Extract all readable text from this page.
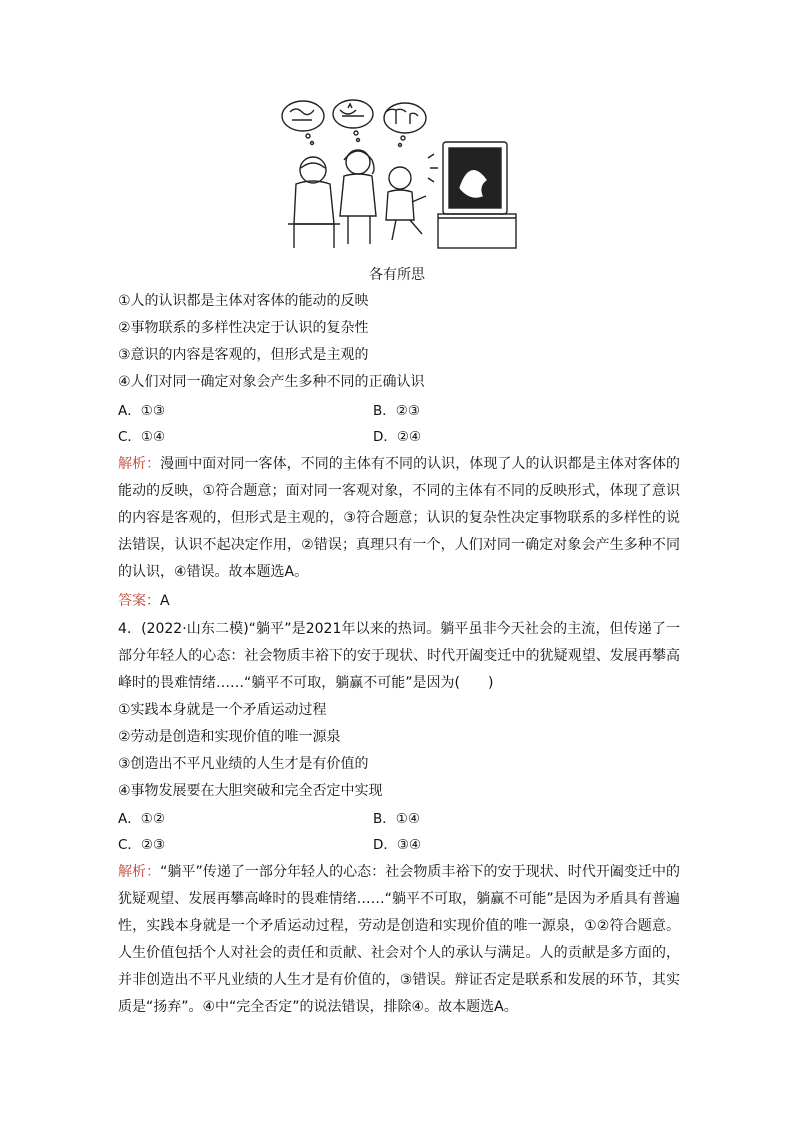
各有所思
①人的认识都是主体对客体的能动的反映
②事物联系的多样性决定于认识的复杂性
③意识的内容是客观的，但形式是主观的
④人们对同一确定对象会产生多种不同的正确认识
A．①③	B．②③
C．①④	D．②④

解析：漫画中面对同一客体，不同的主体有不同的认识，体现了人的认识都是主体对客体的能动的反映，①符合题意；面对同一客观对象，不同的主体有不同的反映形式，体现了意识的内容是客观的，但形式是主观的，③符合题意；认识的复杂性决定事物联系的多样性的说法错误，认识不起决定作用，②错误；真理只有一个，人们对同一确定对象会产生多种不同的认识，④错误。故本题选A。

答案：A

4．(2022·山东二模)“躺平”是2021年以来的热词。躺平虽非今天社会的主流，但传递了一部分年轻人的心态：社会物质丰裕下的安于现状、时代开阖变迁中的犹疑观望、发展再攀高峰时的畏难情绪……“躺平不可取，躺赢不可能”是因为(　　)

①实践本身就是一个矛盾运动过程
②劳动是创造和实现价值的唯一源泉
③创造出不平凡业绩的人生才是有价值的
④事物发展要在大胆突破和完全否定中实现
A．①②	B．①④
C．②③	D．③④

解析：“躺平”传递了一部分年轻人的心态：社会物质丰裕下的安于现状、时代开阖变迁中的犹疑观望、发展再攀高峰时的畏难情绪……“躺平不可取，躺赢不可能”是因为矛盾具有普遍性，实践本身就是一个矛盾运动过程，劳动是创造和实现价值的唯一源泉，①②符合题意。人生价值包括个人对社会的责任和贡献、社会对个人的承认与满足。人的贡献是多方面的，并非创造出不平凡业绩的人生才是有价值的，③错误。辩证否定是联系和发展的环节，其实质是“扬弃”。④中“完全否定”的说法错误，排除④。故本题选A。
